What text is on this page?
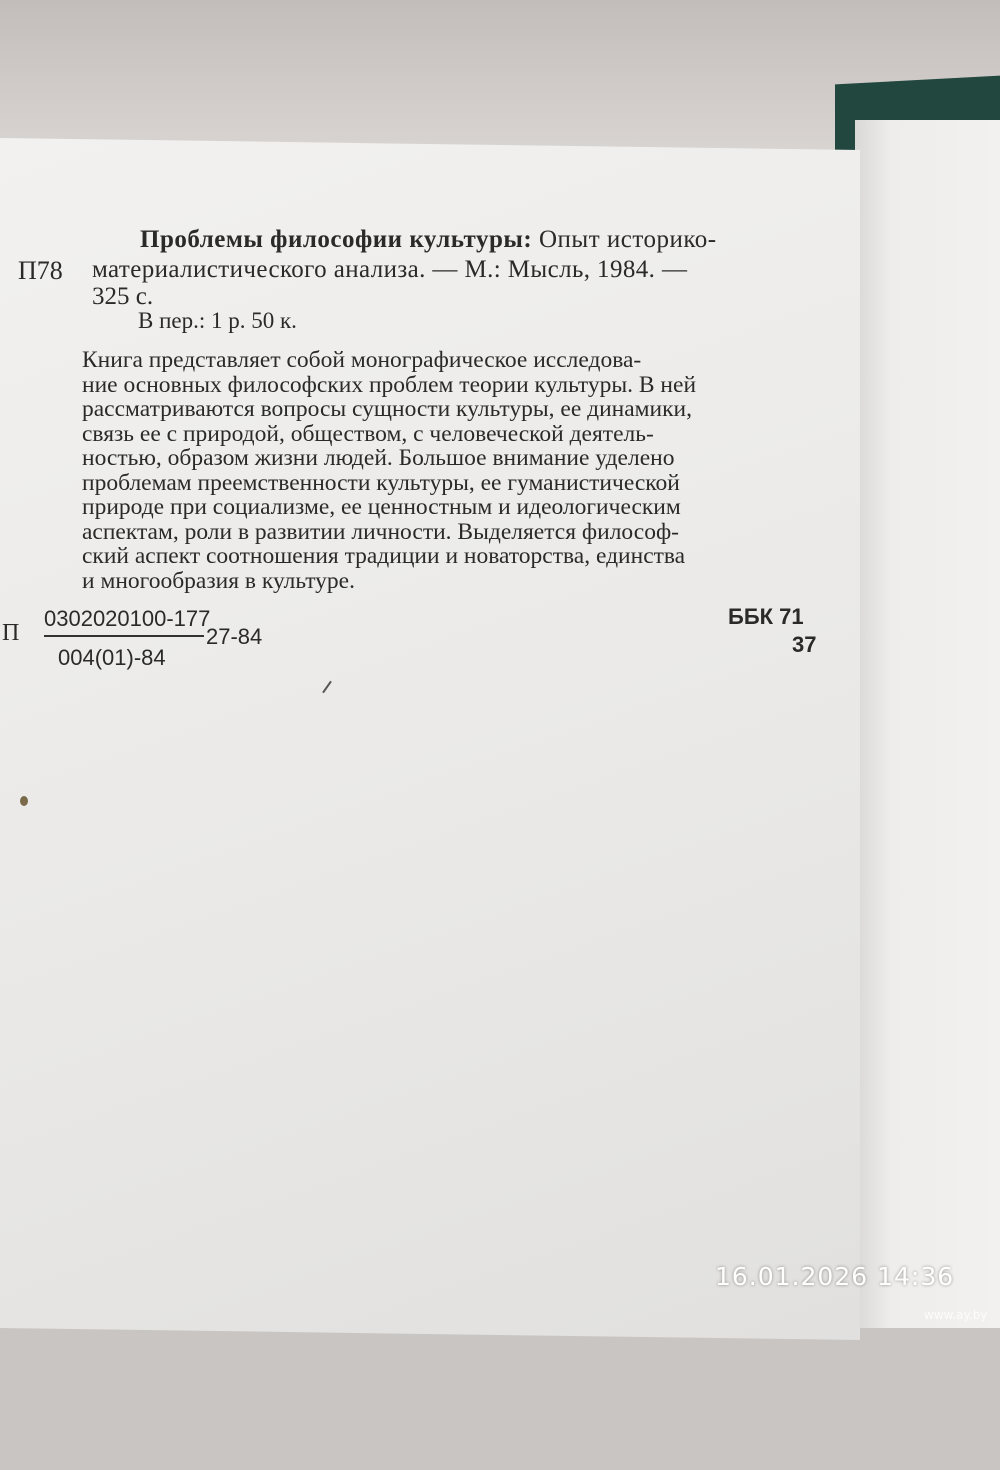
Проблемы философии культуры: Опыт историко-
П78 материалистического анализа. — М.: Мысль, 1984. —
325 с.
В пер.: 1 р. 50 к.
Книга представляет собой монографическое исследова-
ние основных философских проблем теории культуры. В ней
рассматриваются вопросы сущности культуры, ее динамики,
связь ее с природой, обществом, с человеческой деятель-
ностью, образом жизни людей. Большое внимание уделено
проблемам преемственности культуры, ее гуманистической
природе при социализме, ее ценностным и идеологическим
аспектам, роли в развитии личности. Выделяется философ-
ский аспект соотношения традиции и новаторства, единства
и многообразия в культуре.
П
0302020100-177
004(01)-84
27-84
ББК 71
37
16.01.2026 14:36
www.ay.by
